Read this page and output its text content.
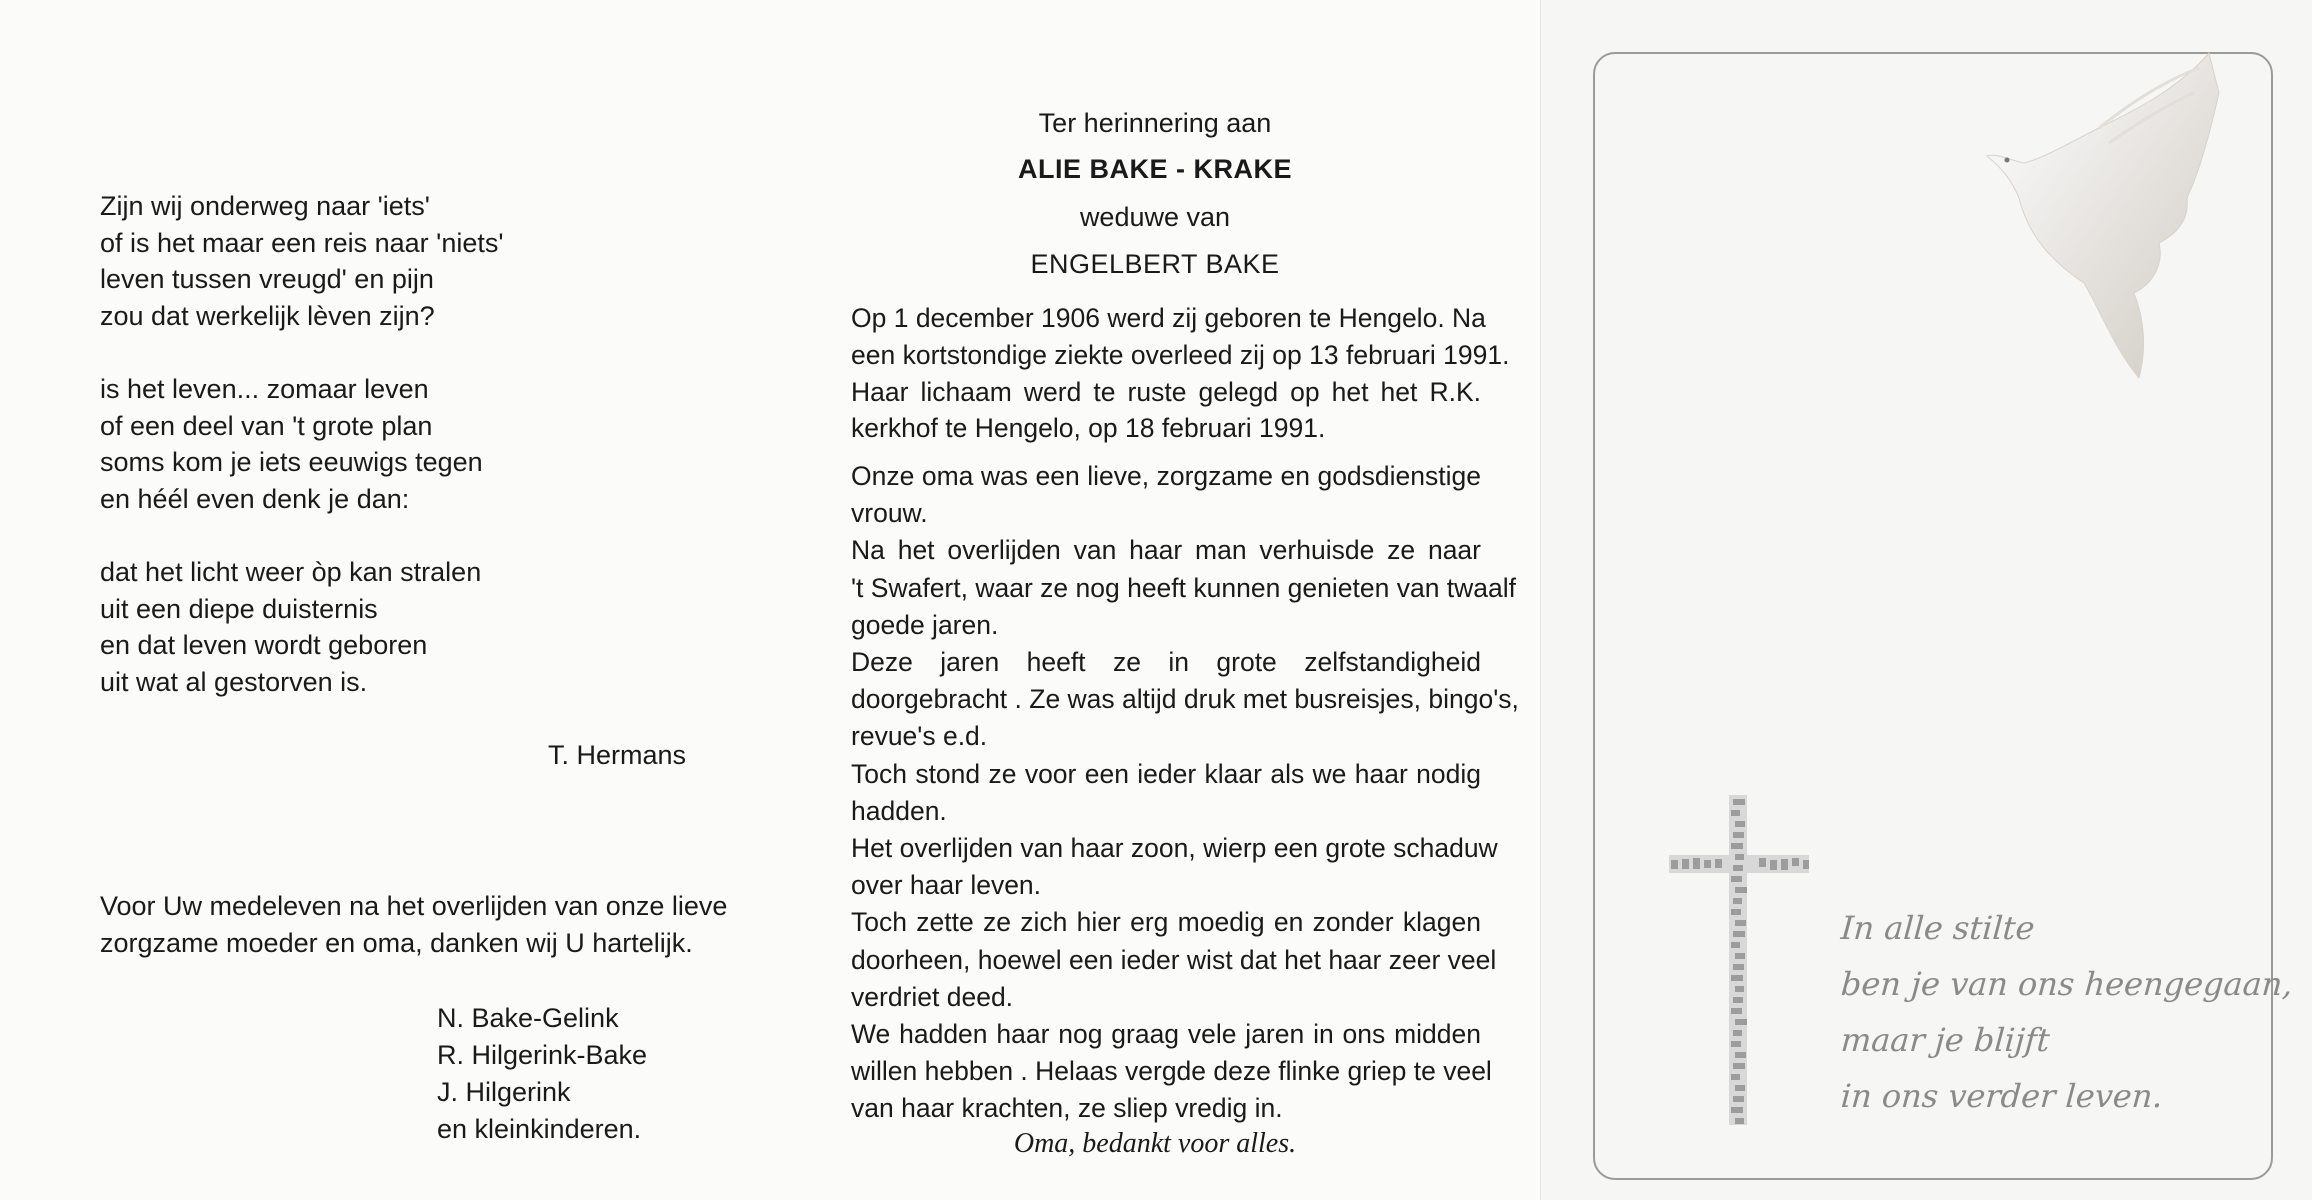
Zijn wij onderweg naar 'iets'
of is het maar een reis naar 'niets'
leven tussen vreugd' en pijn
zou dat werkelijk lèven zijn?
is het leven... zomaar leven
of een deel van 't grote plan
soms kom je iets eeuwigs tegen
en héél even denk je dan:
dat het licht weer òp kan stralen
uit een diepe duisternis
en dat leven wordt geboren
uit wat al gestorven is.
T. Hermans
Voor Uw medeleven na het overlijden van onze lieve
zorgzame moeder en oma, danken wij U hartelijk.
N. Bake-Gelink
R. Hilgerink-Bake
J. Hilgerink
en kleinkinderen.
Ter herinnering aan
ALIE BAKE - KRAKE
weduwe van
ENGELBERT BAKE
Op 1 december 1906 werd zij geboren te Hengelo. Na
een kortstondige ziekte overleed zij op 13 februari 1991.
Haar lichaam werd te ruste gelegd op het het R.K.
kerkhof te Hengelo, op 18 februari 1991.
Onze oma was een lieve, zorgzame en godsdienstige
vrouw.
Na het overlijden van haar man verhuisde ze naar
't Swafert, waar ze nog heeft kunnen genieten van twaalf
goede jaren.
Deze jaren heeft ze in grote zelfstandigheid
doorgebracht . Ze was altijd druk met busreisjes, bingo's,
revue's e.d.
Toch stond ze voor een ieder klaar als we haar nodig
hadden.
Het overlijden van haar zoon, wierp een grote schaduw
over haar leven.
Toch zette ze zich hier erg moedig en zonder klagen
doorheen, hoewel een ieder wist dat het haar zeer veel
verdriet deed.
We hadden haar nog graag vele jaren in ons midden
willen hebben . Helaas vergde deze flinke griep te veel
van haar krachten, ze sliep vredig in.
Oma, bedankt voor alles.
In alle stilte
ben je van ons heengegaan,
maar je blijft
in ons verder leven.
